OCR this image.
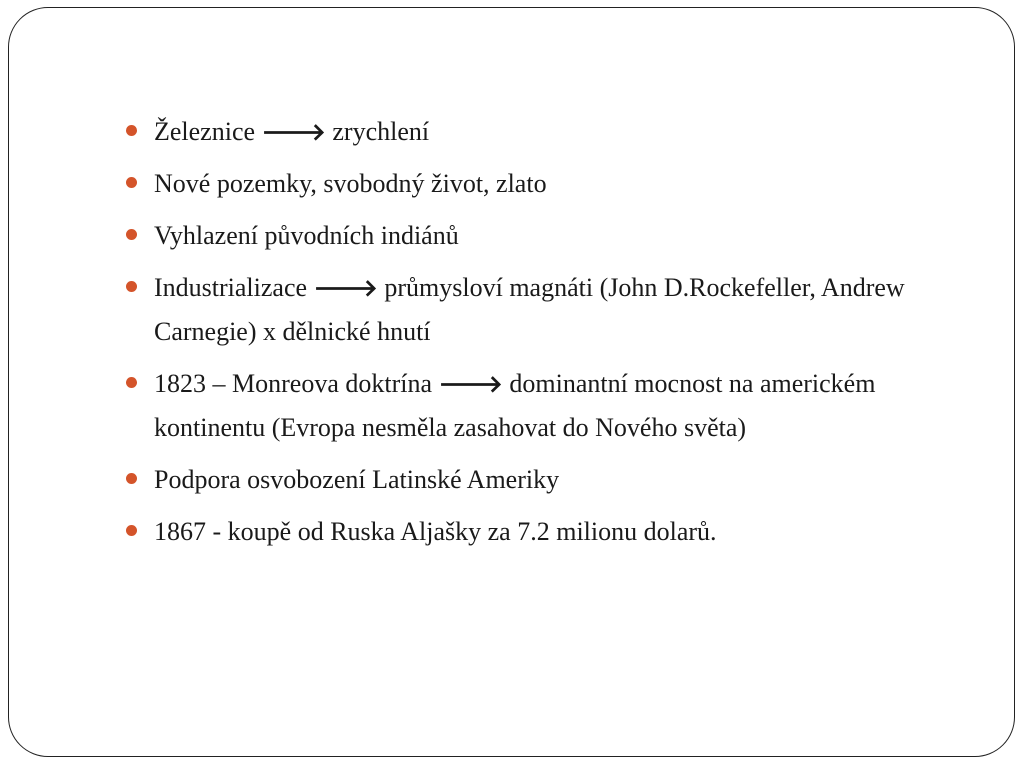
Železnice 🡒 zrychlení
Nové pozemky, svobodný život, zlato
Vyhlazení původních indiánů
Industrializace 🡒 průmysloví magnáti (John D.Rockefeller, Andrew Carnegie) x dělnické hnutí
1823 – Monreova doktrína 🡒 dominantní mocnost na americkém kontinentu (Evropa nesměla zasahovat do Nového světa)
Podpora osvobození Latinské Ameriky
1867 - koupě od Ruska Aljašky za 7.2 milionu dolarů.
